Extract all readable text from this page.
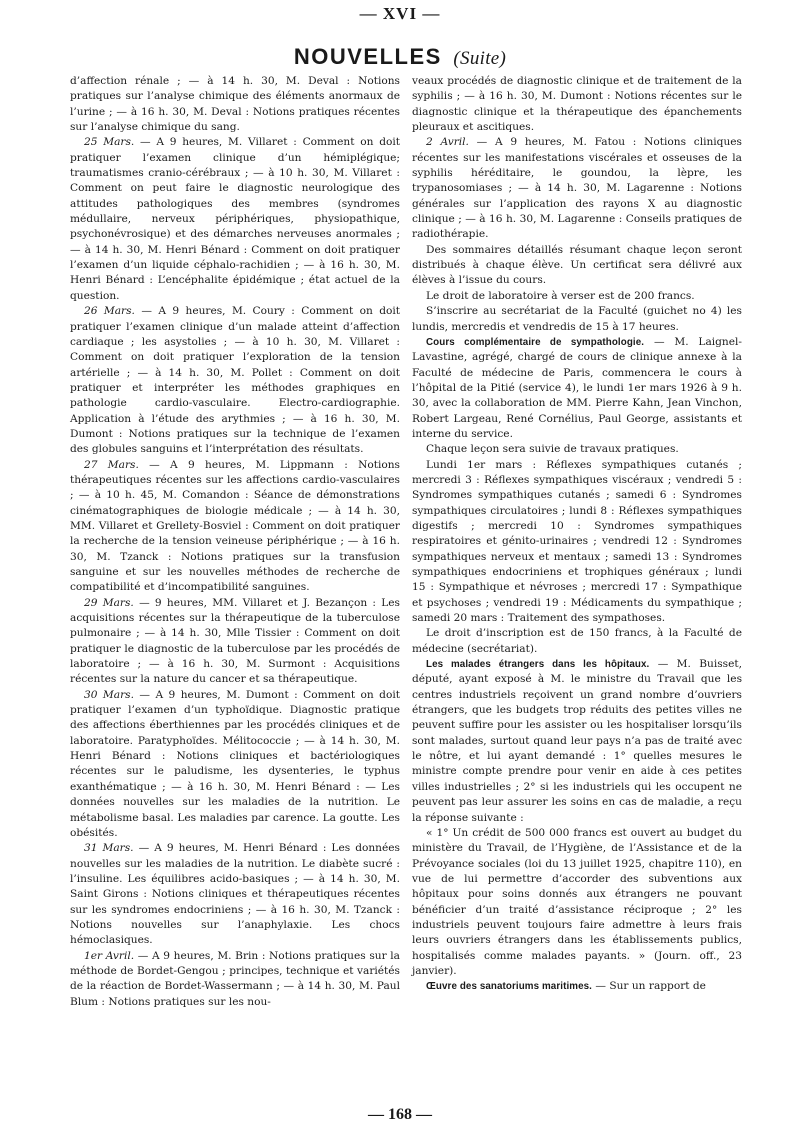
— XVI —
NOUVELLES (Suite)

d’affection rénale ; — à 14 h. 30, M. Deval : Notions pratiques sur l’analyse chimique des éléments anormaux de l’urine ; — à 16 h. 30, M. Deval : Notions pratiques récentes sur l’analyse chimique du sang.

25 Mars. — A 9 heures, M. Villaret : Comment on doit pratiquer l’examen clinique d’un hémiplégique; traumatismes cranio-cérébraux ; — à 10 h. 30, M. Villaret : Comment on peut faire le diagnostic neurologique des attitudes pathologiques des membres (syndromes médullaire, nerveux périphériques, physiopathique, psychonévrosique) et des démarches nerveuses anormales ; — à 14 h. 30, M. Henri Bénard : Comment on doit pratiquer l’examen d’un liquide céphalo-rachidien ; — à 16 h. 30, M. Henri Bénard : L’encéphalite épidémique ; état actuel de la question.

26 Mars. — A 9 heures, M. Coury : Comment on doit pratiquer l’examen clinique d’un malade atteint d’affection cardiaque ; les asystolies ; — à 10 h. 30, M. Villaret : Comment on doit pratiquer l’exploration de la tension artérielle ; — à 14 h. 30, M. Pollet : Comment on doit pratiquer et interpréter les méthodes graphiques en pathologie cardio-vasculaire. Electro-cardiographie. Application à l’étude des arythmies ; — à 16 h. 30, M. Dumont : Notions pratiques sur la technique de l’examen des globules sanguins et l’interprétation des résultats.

27 Mars. — A 9 heures, M. Lippmann : Notions thérapeutiques récentes sur les affections cardio-vasculaires ; — à 10 h. 45, M. Comandon : Séance de démonstrations cinématographiques de biologie médicale ; — à 14 h. 30, MM. Villaret et Grellety-Bosviel : Comment on doit pratiquer la recherche de la tension veineuse périphérique ; — à 16 h. 30, M. Tzanck : Notions pratiques sur la transfusion sanguine et sur les nouvelles méthodes de recherche de compatibilité et d’incompatibilité sanguines.

29 Mars. — 9 heures, MM. Villaret et J. Bezançon : Les acquisitions récentes sur la thérapeutique de la tuberculose pulmonaire ; — à 14 h. 30, Mlle Tissier : Comment on doit pratiquer le diagnostic de la tuberculose par les procédés de laboratoire ; — à 16 h. 30, M. Surmont : Acquisitions récentes sur la nature du cancer et sa thérapeutique.

30 Mars. — A 9 heures, M. Dumont : Comment on doit pratiquer l’examen d’un typhoïdique. Diagnostic pratique des affections éberthiennes par les procédés cliniques et de laboratoire. Paratyphoïdes. Mélitococcie ; — à 14 h. 30, M. Henri Bénard : Notions cliniques et bactériologiques récentes sur le paludisme, les dysenteries, le typhus exanthématique ; — à 16 h. 30, M. Henri Bénard : — Les données nouvelles sur les maladies de la nutrition. Le métabolisme basal. Les maladies par carence. La goutte. Les obésités.

31 Mars. — A 9 heures, M. Henri Bénard : Les données nouvelles sur les maladies de la nutrition. Le diabète sucré : l’insuline. Les équilibres acido-basiques ; — à 14 h. 30, M. Saint Girons : Notions cliniques et thérapeutiques récentes sur les syndromes endocriniens ; — à 16 h. 30, M. Tzanck : Notions nouvelles sur l’anaphylaxie. Les chocs hémoclasiques.

1er Avril. — A 9 heures, M. Brin : Notions pratiques sur la méthode de Bordet-Gengou ; principes, technique et variétés de la réaction de Bordet-Wassermann ; — à 14 h. 30, M. Paul Blum : Notions pratiques sur les nou-

veaux procédés de diagnostic clinique et de traitement de la syphilis ; — à 16 h. 30, M. Dumont : Notions récentes sur le diagnostic clinique et la thérapeutique des épanchements pleuraux et ascitiques.

2 Avril. — A 9 heures, M. Fatou : Notions cliniques récentes sur les manifestations viscérales et osseuses de la syphilis héréditaire, le goundou, la lèpre, les trypanosomiases ; — à 14 h. 30, M. Lagarenne : Notions générales sur l’application des rayons X au diagnostic clinique ; — à 16 h. 30, M. Lagarenne : Conseils pratiques de radiothérapie.

Des sommaires détaillés résumant chaque leçon seront distribués à chaque élève. Un certificat sera délivré aux élèves à l’issue du cours.

Le droit de laboratoire à verser est de 200 francs.

S’inscrire au secrétariat de la Faculté (guichet no 4) les lundis, mercredis et vendredis de 15 à 17 heures.

Cours complémentaire de sympathologie. — M. Laignel-Lavastine, agrégé, chargé de cours de clinique annexe à la Faculté de médecine de Paris, commencera le cours à l’hôpital de la Pitié (service 4), le lundi 1er mars 1926 à 9 h. 30, avec la collaboration de MM. Pierre Kahn, Jean Vinchon, Robert Largeau, René Cornélius, Paul George, assistants et interne du service.

Chaque leçon sera suivie de travaux pratiques.

Lundi 1er mars : Réflexes sympathiques cutanés ; mercredi 3 : Réflexes sympathiques viscéraux ; vendredi 5 : Syndromes sympathiques cutanés ; samedi 6 : Syndromes sympathiques circulatoires ; lundi 8 : Réflexes sympathiques digestifs ; mercredi 10 : Syndromes sympathiques respiratoires et génito-urinaires ; vendredi 12 : Syndromes sympathiques nerveux et mentaux ; samedi 13 : Syndromes sympathiques endocriniens et trophiques généraux ; lundi 15 : Sympathique et névroses ; mercredi 17 : Sympathique et psychoses ; vendredi 19 : Médicaments du sympathique ; samedi 20 mars : Traitement des sympathoses.

Le droit d’inscription est de 150 francs, à la Faculté de médecine (secrétariat).

Les malades étrangers dans les hôpitaux. — M. Buisset, député, ayant exposé à M. le ministre du Travail que les centres industriels reçoivent un grand nombre d’ouvriers étrangers, que les budgets trop réduits des petites villes ne peuvent suffire pour les assister ou les hospitaliser lorsqu’ils sont malades, surtout quand leur pays n’a pas de traité avec le nôtre, et lui ayant demandé : 1° quelles mesures le ministre compte prendre pour venir en aide à ces petites villes industrielles ; 2° si les industriels qui les occupent ne peuvent pas leur assurer les soins en cas de maladie, a reçu la réponse suivante :

« 1° Un crédit de 500 000 francs est ouvert au budget du ministère du Travail, de l’Hygiène, de l’Assistance et de la Prévoyance sociales (loi du 13 juillet 1925, chapitre 110), en vue de lui permettre d’accorder des subventions aux hôpitaux pour soins donnés aux étrangers ne pouvant bénéficier d’un traité d’assistance réciproque ; 2° les industriels peuvent toujours faire admettre à leurs frais leurs ouvriers étrangers dans les établissements publics, hospitalisés comme malades payants. » (Journ. off., 23 janvier).

Œuvre des sanatoriums maritimes. — Sur un rapport de

— 168 —
